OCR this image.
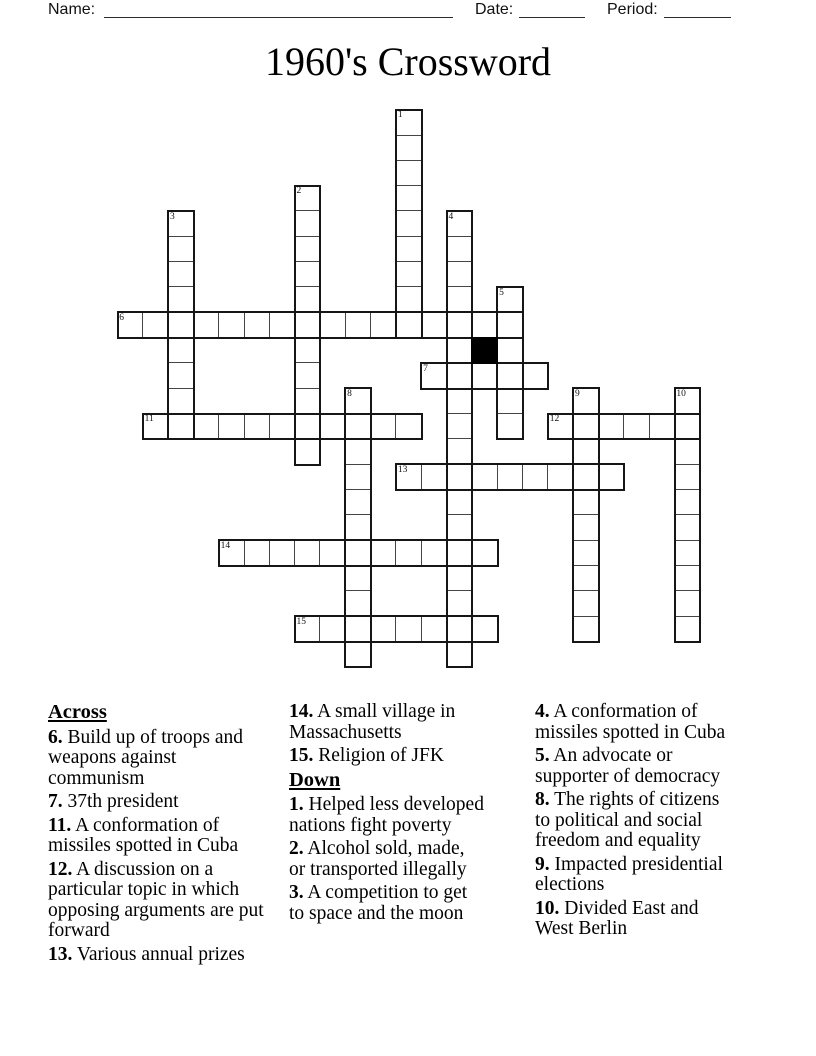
Name:	Date:	Period:
1960's Crossword
1
2
3	4
5
6
7
8	9	10
11	12
13
14
15
Across

6. Build up of troops and
weapons against
communism

7. 37th president

11. A conformation of
missiles spotted in Cuba

12. A discussion on a
particular topic in which
opposing arguments are put
forward

13. Various annual prizes

14. A small village in
Massachusetts

15. Religion of JFK

Down

1. Helped less developed
nations fight poverty

2. Alcohol sold, made,
or transported illegally

3. A competition to get
to space and the moon

4. A conformation of
missiles spotted in Cuba

5. An advocate or
supporter of democracy

8. The rights of citizens
to political and social
freedom and equality

9. Impacted presidential
elections

10. Divided East and
West Berlin
